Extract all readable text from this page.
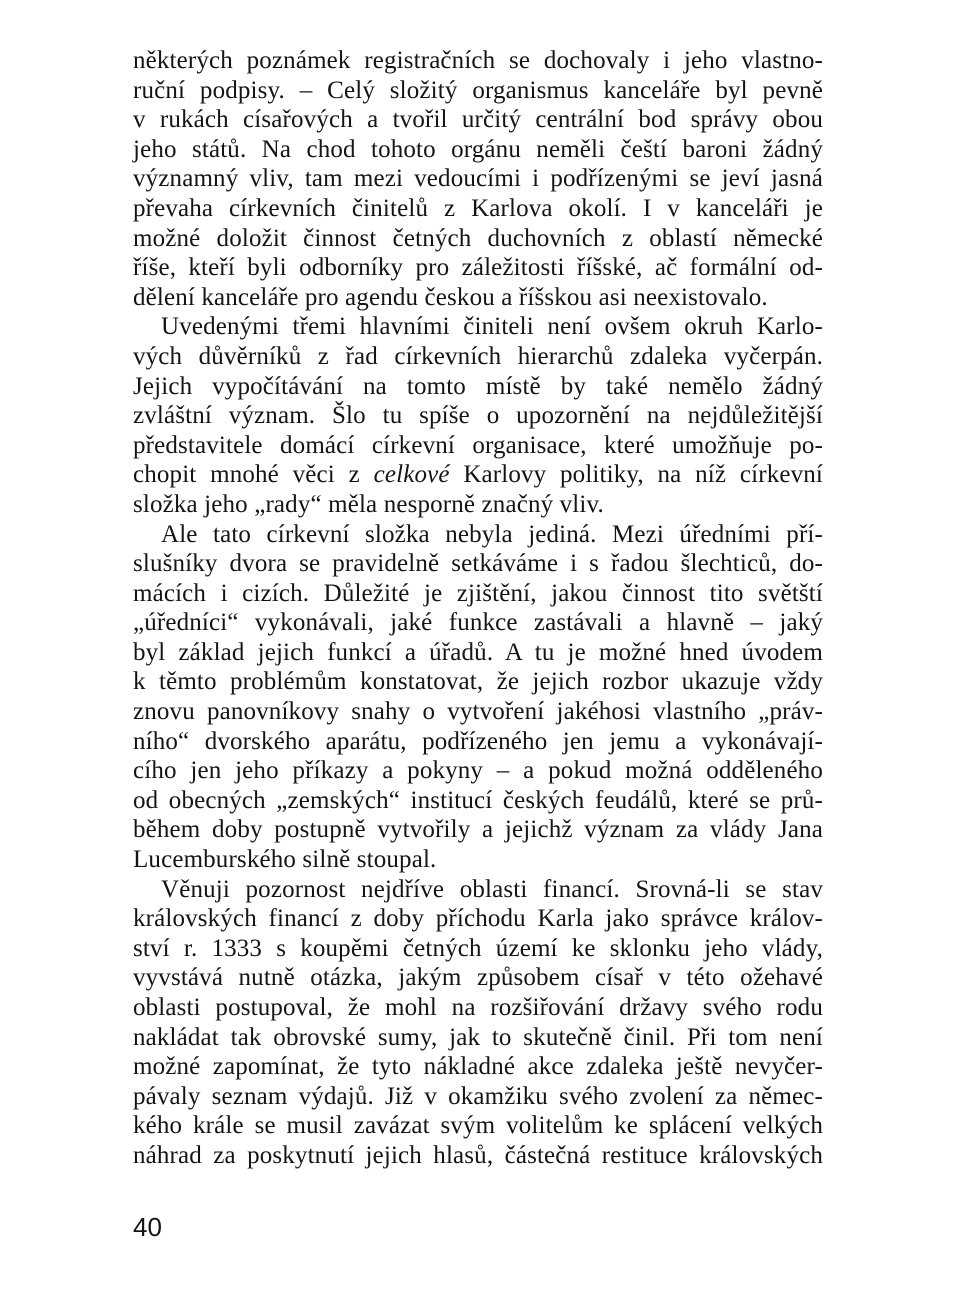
některých poznámek registračních se dochovaly i jeho vlastno-
ruční podpisy. – Celý složitý organismus kanceláře byl pevně
v rukách císařových a tvořil určitý centrální bod správy obou
jeho států. Na chod tohoto orgánu neměli čeští baroni žádný
významný vliv, tam mezi vedoucími i podřízenými se jeví jasná
převaha církevních činitelů z Karlova okolí. I v kanceláři je
možné doložit činnost četných duchovních z oblastí německé
říše, kteří byli odborníky pro záležitosti říšské, ač formální od-
dělení kanceláře pro agendu českou a říšskou asi neexistovalo.

Uvedenými třemi hlavními činiteli není ovšem okruh Karlo-
vých důvěrníků z řad církevních hierarchů zdaleka vyčerpán.
Jejich vypočítávání na tomto místě by také nemělo žádný
zvláštní význam. Šlo tu spíše o upozornění na nejdůležitější
představitele domácí církevní organisace, které umožňuje po-
chopit mnohé věci z celkové Karlovy politiky, na níž církevní
složka jeho „rady“ měla nesporně značný vliv.

Ale tato církevní složka nebyla jediná. Mezi úředními pří-
slušníky dvora se pravidelně setkáváme i s řadou šlechticů, do-
mácích i cizích. Důležité je zjištění, jakou činnost tito světští
„úředníci“ vykonávali, jaké funkce zastávali a hlavně – jaký
byl základ jejich funkcí a úřadů. A tu je možné hned úvodem
k těmto problémům konstatovat, že jejich rozbor ukazuje vždy
znovu panovníkovy snahy o vytvoření jakéhosi vlastního „práv-
ního“ dvorského aparátu, podřízeného jen jemu a vykonávají-
cího jen jeho příkazy a pokyny – a pokud možná odděleného
od obecných „zemských“ institucí českých feudálů, které se prů-
během doby postupně vytvořily a jejichž význam za vlády Jana
Lucemburského silně stoupal.

Věnuji pozornost nejdříve oblasti financí. Srovná-li se stav
královských financí z doby příchodu Karla jako správce králov-
ství r. 1333 s koupěmi četných území ke sklonku jeho vlády,
vyvstává nutně otázka, jakým způsobem císař v této ožehavé
oblasti postupoval, že mohl na rozšiřování državy svého rodu
nakládat tak obrovské sumy, jak to skutečně činil. Při tom není
možné zapomínat, že tyto nákladné akce zdaleka ještě nevyčer-
pávaly seznam výdajů. Již v okamžiku svého zvolení za němec-
kého krále se musil zavázat svým volitelům ke splácení velkých
náhrad za poskytnutí jejich hlasů, částečná restituce královských

40
